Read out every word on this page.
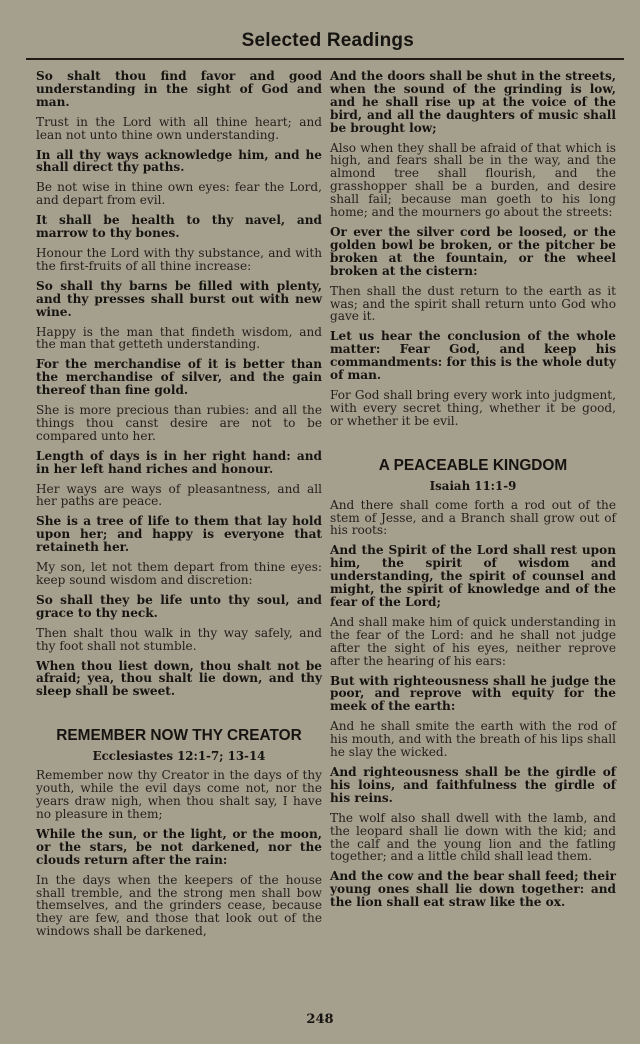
Selected Readings

So shalt thou find favor and good understanding in the sight of God and man.

Trust in the Lord with all thine heart; and lean not unto thine own understanding.

In all thy ways acknowledge him, and he shall direct thy paths.

Be not wise in thine own eyes: fear the Lord, and depart from evil.

It shall be health to thy navel, and marrow to thy bones.

Honour the Lord with thy substance, and with the first-fruits of all thine increase:

So shall thy barns be filled with plenty, and thy presses shall burst out with new wine.

Happy is the man that findeth wisdom, and the man that getteth understanding.

For the merchandise of it is better than the merchandise of silver, and the gain thereof than fine gold.

She is more precious than rubies: and all the things thou canst desire are not to be compared unto her.

Length of days is in her right hand: and in her left hand riches and honour.

Her ways are ways of pleasantness, and all her paths are peace.

She is a tree of life to them that lay hold upon her; and happy is everyone that retaineth her.

My son, let not them depart from thine eyes: keep sound wisdom and discretion:

So shall they be life unto thy soul, and grace to thy neck.

Then shalt thou walk in thy way safely, and thy foot shall not stumble.

When thou liest down, thou shalt not be afraid; yea, thou shalt lie down, and thy sleep shall be sweet.

REMEMBER NOW THY CREATOR
Ecclesiastes 12:1-7; 13-14

Remember now thy Creator in the days of thy youth, while the evil days come not, nor the years draw nigh, when thou shalt say, I have no pleasure in them;

While the sun, or the light, or the moon, or the stars, be not darkened, nor the clouds return after the rain:

In the days when the keepers of the house shall tremble, and the strong men shall bow themselves, and the grinders cease, because they are few, and those that look out of the windows shall be darkened,

And the doors shall be shut in the streets, when the sound of the grinding is low, and he shall rise up at the voice of the bird, and all the daughters of music shall be brought low;

Also when they shall be afraid of that which is high, and fears shall be in the way, and the almond tree shall flourish, and the grasshopper shall be a burden, and desire shall fail; because man goeth to his long home; and the mourners go about the streets:

Or ever the silver cord be loosed, or the golden bowl be broken, or the pitcher be broken at the fountain, or the wheel broken at the cistern:

Then shall the dust return to the earth as it was; and the spirit shall return unto God who gave it.

Let us hear the conclusion of the whole matter: Fear God, and keep his commandments: for this is the whole duty of man.

For God shall bring every work into judgment, with every secret thing, whether it be good, or whether it be evil.

A PEACEABLE KINGDOM
Isaiah 11:1-9

And there shall come forth a rod out of the stem of Jesse, and a Branch shall grow out of his roots:

And the Spirit of the Lord shall rest upon him, the spirit of wisdom and understanding, the spirit of counsel and might, the spirit of knowledge and of the fear of the Lord;

And shall make him of quick understanding in the fear of the Lord: and he shall not judge after the sight of his eyes, neither reprove after the hearing of his ears:

But with righteousness shall he judge the poor, and reprove with equity for the meek of the earth:

And he shall smite the earth with the rod of his mouth, and with the breath of his lips shall he slay the wicked.

And righteousness shall be the girdle of his loins, and faithfulness the girdle of his reins.

The wolf also shall dwell with the lamb, and the leopard shall lie down with the kid; and the calf and the young lion and the fatling together; and a little child shall lead them.

And the cow and the bear shall feed; their young ones shall lie down together: and the lion shall eat straw like the ox.

248
